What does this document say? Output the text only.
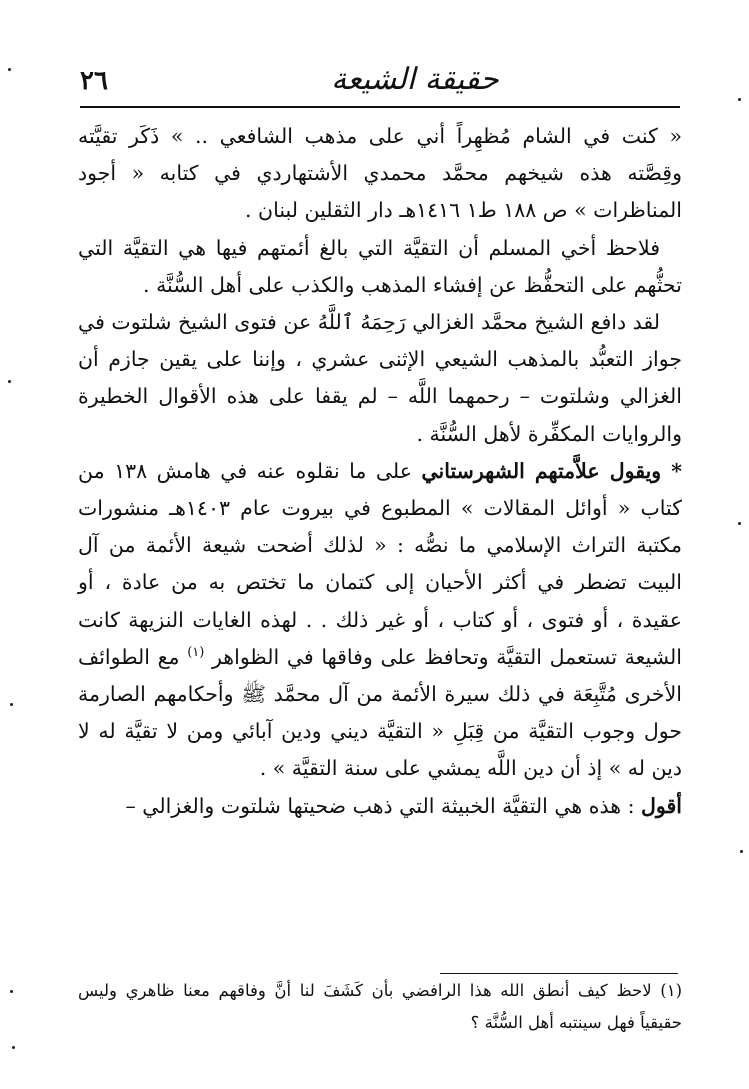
٢٦	حقيقة الشيعة

« كنت في الشام مُظهِراً أني على مذهب الشافعي .. » ذَكَر تقيَّته وقِصَّته هذه شيخهم محمَّد محمدي الأشتهاردي في كتابه « أجود المناظرات » ص ١٨٨ ط١ ١٤١٦هـ دار الثقلين لبنان .

فلاحظ أخي المسلم أن التقيَّة التي بالغ أئمتهم فيها هي التقيَّة التي تحثُّهم على التحفُّظ عن إفشاء المذهب والكذب على أهل السُّنَّة .

لقد دافع الشيخ محمَّد الغزالي رَحِمَهُ ٱللَّهُ عن فتوى الشيخ شلتوت في جواز التعبُّد بالمذهب الشيعي الإثنى عشري ، وإننا على يقين جازم أن الغزالي وشلتوت – رحمهما اللَّه – لم يقفا على هذه الأقوال الخطيرة والروايات المكفِّرة لأهل السُّنَّة .

* ويقول علاَّمتهم الشهرستاني على ما نقلوه عنه في هامش ١٣٨ من كتاب « أوائل المقالات » المطبوع في بيروت عام ١٤٠٣هـ منشورات مكتبة التراث الإسلامي ما نصُّه : « لذلك أضحت شيعة الأئمة من آل البيت تضطر في أكثر الأحيان إلى كتمان ما تختص به من عادة ، أو عقيدة ، أو فتوى ، أو كتاب ، أو غير ذلك . . لهذه الغايات النزيهة كانت الشيعة تستعمل التقيَّة وتحافظ على وفاقها في الظواهر $^{(١)}$ مع الطوائف الأخرى مُتَّبِعَة في ذلك سيرة الأئمة من آل محمَّد ﷺ وأحكامهم الصارمة حول وجوب التقيَّة من قِبَلِ « التقيَّة ديني ودين آبائي ومن لا تقيَّة له لا دين له » إذ أن دين اللَّه يمشي على سنة التقيَّة » .

أقول : هذه هي التقيَّة الخبيثة التي ذهب ضحيتها شلتوت والغزالي –

(١) لاحظ كيف أنطق الله هذا الرافضي بأن كَشَفَ لنا أنَّ وفاقهم معنا ظاهري وليس حقيقياً فهل سينتبه أهل السُّنَّة ؟
